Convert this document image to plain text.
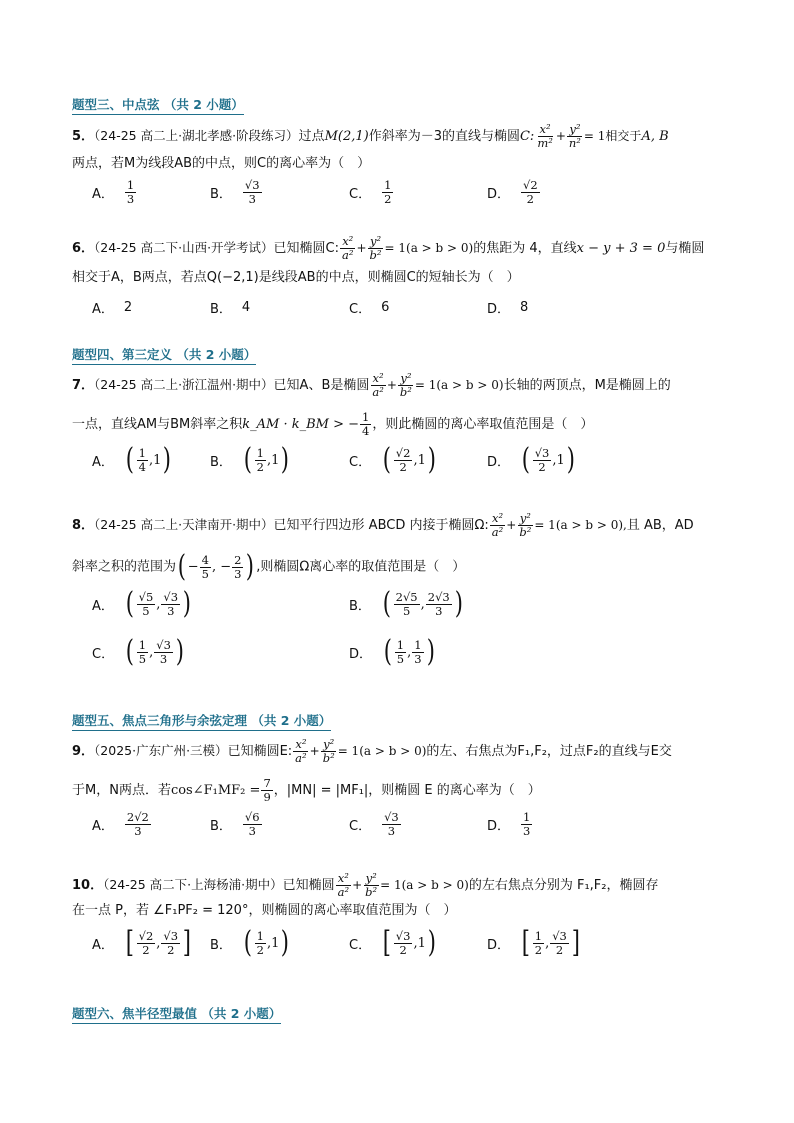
题型三、中点弦 （共 2 小题）
5．（24-25 高二上·湖北孝感·阶段练习）过点M(2,1)作斜率为－3的直线与椭圆C: $\frac{\text{x²}}{\text{m²}} + \frac{\text{y²}}{\text{n²}} = 1$相交于A, B
两点，若M为线段AB的中点，则C的离心率为（　）
A． $\frac{1}{3}$	B． $\frac{√3}{3}$	C． $\frac{1}{2}$	D． $\frac{√2}{2}$
6．（24-25 高二下·山西·开学考试）已知椭圆C: $\frac{\text{x²}}{\text{a²}} + \frac{\text{y²}}{\text{b²}} = 1(a > b > 0)$的焦距为 4，直线x − y + 3 = 0与椭圆
相交于A，B两点，若点Q(−2,1)是线段AB的中点，则椭圆C的短轴长为（　）
A． 2	B． 4	C． 6	D． 8
题型四、第三定义 （共 2 小题）
7．（24-25 高二上·浙江温州·期中）已知A、B是椭圆 $\frac{\text{x²}}{\text{a²}} + \frac{\text{y²}}{\text{b²}} = 1(a > b > 0)$长轴的两顶点，M是椭圆上的
一点，直线AM与BM斜率之积k_AM · k_BM > − $\frac{1}{4}$ ，则此椭圆的离心率取值范围是（　）
A． ( $\frac{1}{4}$ , 1 )	B． ( $\frac{1}{2}$ , 1 )	C． ( $\frac{√2}{2}$ , 1 )	D． ( $\frac{√3}{2}$ , 1 )
8．（24-25 高二上·天津南开·期中）已知平行四边形 ABCD 内接于椭圆Ω: $\frac{\text{x²}}{\text{a²}} + \frac{\text{y²}}{\text{b²}} = 1(a > b > 0)$,且 AB，AD
斜率之积的范围为( − $\frac{4}{5}$ , − $\frac{2}{3}$ ) ,则椭圆Ω离心率的取值范围是（　）
A． ( $\frac{√5}{5}$ , $\frac{√3}{3}$ )	B． ( $\frac{2√5}{5}$ , $\frac{2√3}{3}$ )
C． ( $\frac{1}{5}$ , $\frac{√3}{3}$ )	D． ( $\frac{1}{5}$ , $\frac{1}{3}$ )
题型五、焦点三角形与余弦定理 （共 2 小题）
9．（2025·广东广州·三模）已知椭圆E: $\frac{\text{x²}}{\text{a²}} + \frac{\text{y²}}{\text{b²}} = 1(a > b > 0)$的左、右焦点为F₁,F₂，过点F₂的直线与E交
于M，N两点．若cos∠F₁MF₂ = $\frac{7}{9}$ ，|MN| = |MF₁|，则椭圆 E 的离心率为（　）
A． $\frac{2√2}{3}$	B． $\frac{√6}{3}$	C． $\frac{√3}{3}$	D． $\frac{1}{3}$
10．（24-25 高二下·上海杨浦·期中）已知椭圆 $\frac{\text{x²}}{\text{a²}} + \frac{\text{y²}}{\text{b²}} = 1(a > b > 0)$的左右焦点分别为 F₁,F₂，椭圆存
在一点 P，若 ∠F₁PF₂ = 120°，则椭圆的离心率取值范围为（　）
A． [ $\frac{√2}{2}$ , $\frac{√3}{2}$ ] B． ( $\frac{1}{2}$ , 1 )	C． [ $\frac{√3}{2}$ , 1 )	D． [ $\frac{1}{2}$ , $\frac{√3}{2}$ ]
题型六、焦半径型最值 （共 2 小题）
